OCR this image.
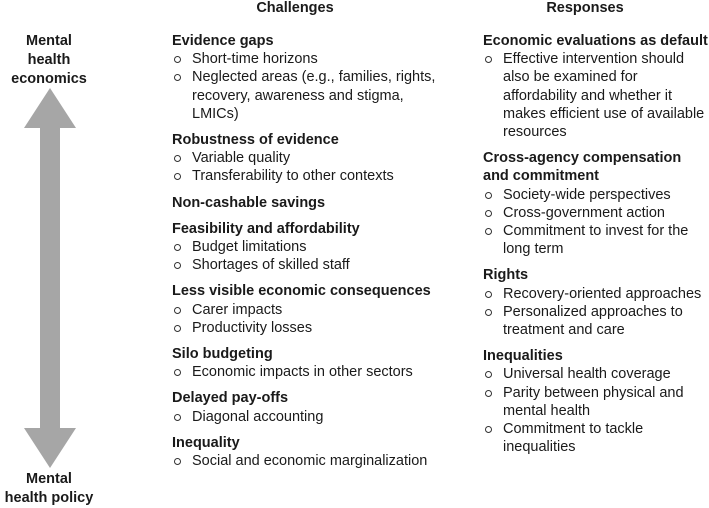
Challenges	Responses
Mental
health
economics
Mental
health policy
Evidence gaps
Short-time horizons
Neglected areas (e.g., families, rights, recovery, awareness and stigma, LMICs)
Robustness of evidence
Variable quality
Transferability to other contexts
Non-cashable savings
Feasibility and affordability
Budget limitations
Shortages of skilled staff
Less visible economic consequences
Carer impacts
Productivity losses
Silo budgeting
Economic impacts in other sectors
Delayed pay-offs
Diagonal accounting
Inequality
Social and economic marginalization
Economic evaluations as default
Effective intervention should also be examined for affordability and whether it makes efficient use of available resources
Cross-agency compensation and commitment
Society-wide perspectives
Cross-government action
Commitment to invest for the long term
Rights
Recovery-oriented approaches
Personalized approaches to treatment and care
Inequalities
Universal health coverage
Parity between physical and mental health
Commitment to tackle inequalities
